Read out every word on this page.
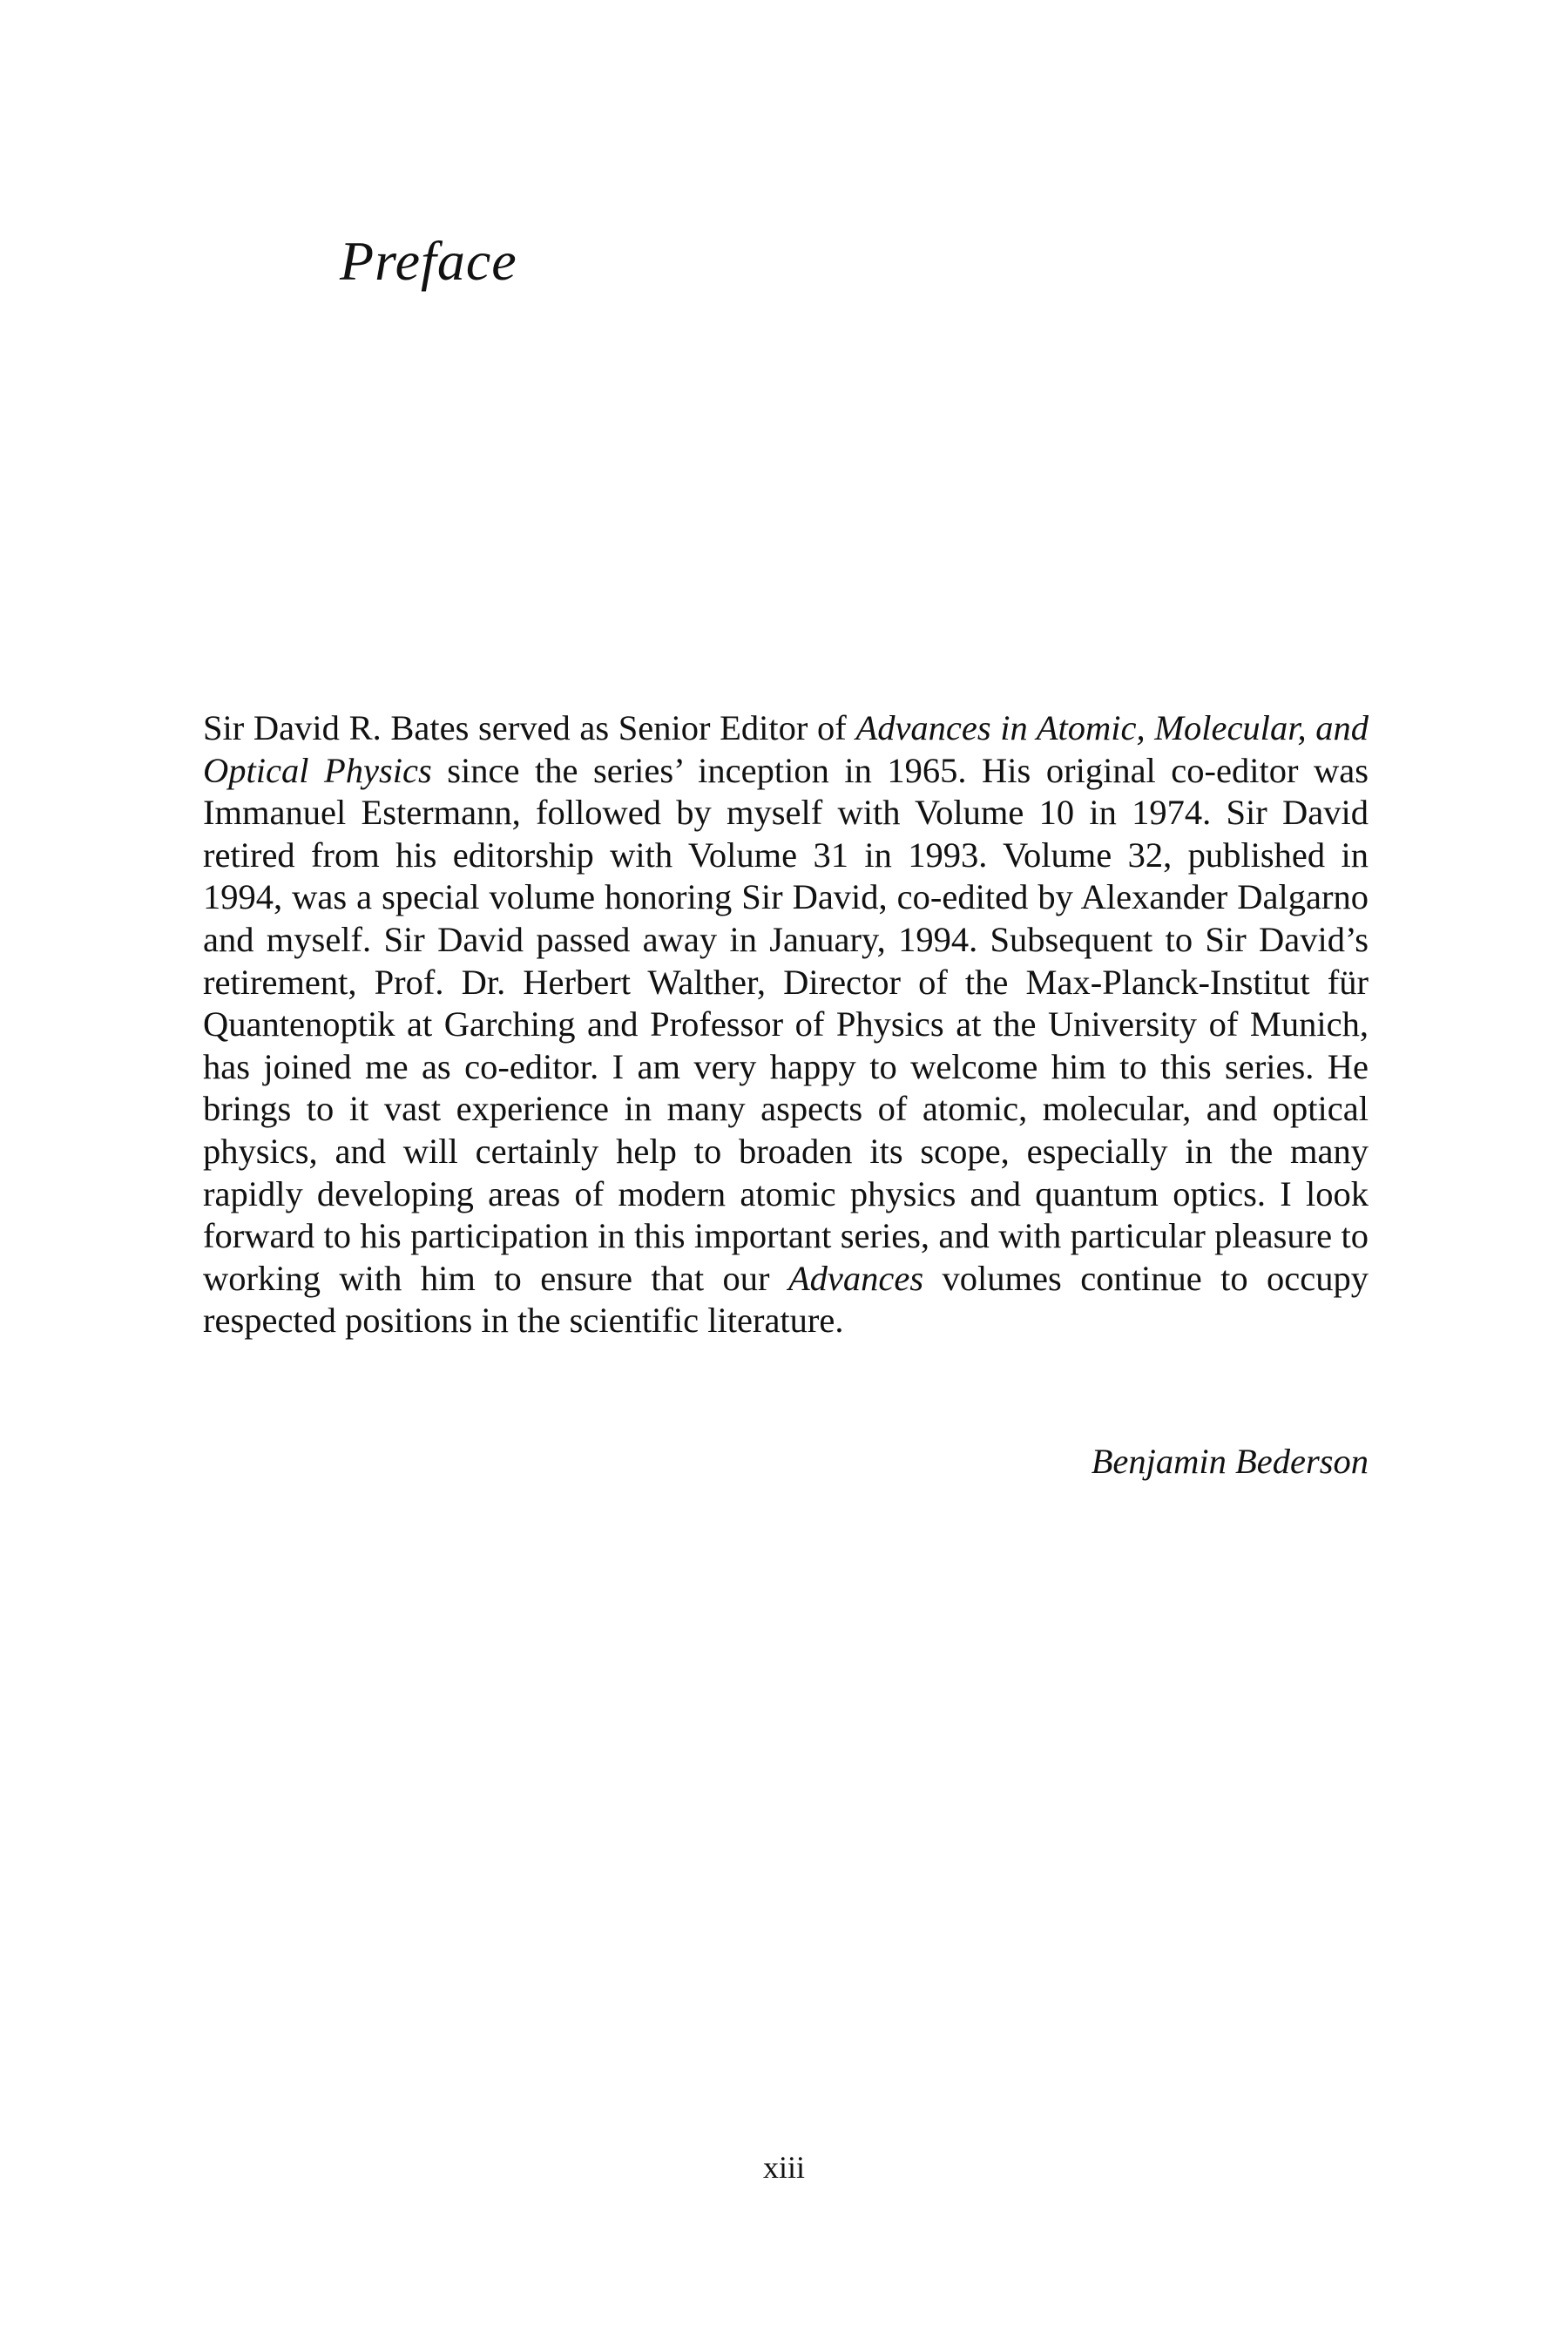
Preface

Sir David R. Bates served as Senior Editor of Advances in Atomic, Molecular, and Optical Physics since the series’ inception in 1965. His original co-editor was Immanuel Estermann, followed by myself with Volume 10 in 1974. Sir David retired from his editorship with Volume 31 in 1993. Volume 32, published in 1994, was a special volume honoring Sir David, co-edited by Alexander Dalgarno and myself. Sir David passed away in January, 1994. Subsequent to Sir David’s retirement, Prof. Dr. Herbert Walther, Director of the Max-Planck-Institut für Quantenoptik at Garching and Professor of Physics at the University of Munich, has joined me as co-editor. I am very happy to welcome him to this series. He brings to it vast experience in many aspects of atomic, molecular, and optical physics, and will certainly help to broaden its scope, especially in the many rapidly developing areas of modern atomic physics and quantum optics. I look forward to his participation in this important series, and with particular pleasure to working with him to ensure that our Advances volumes continue to occupy respected positions in the scientific literature.

Benjamin Bederson

xiii
